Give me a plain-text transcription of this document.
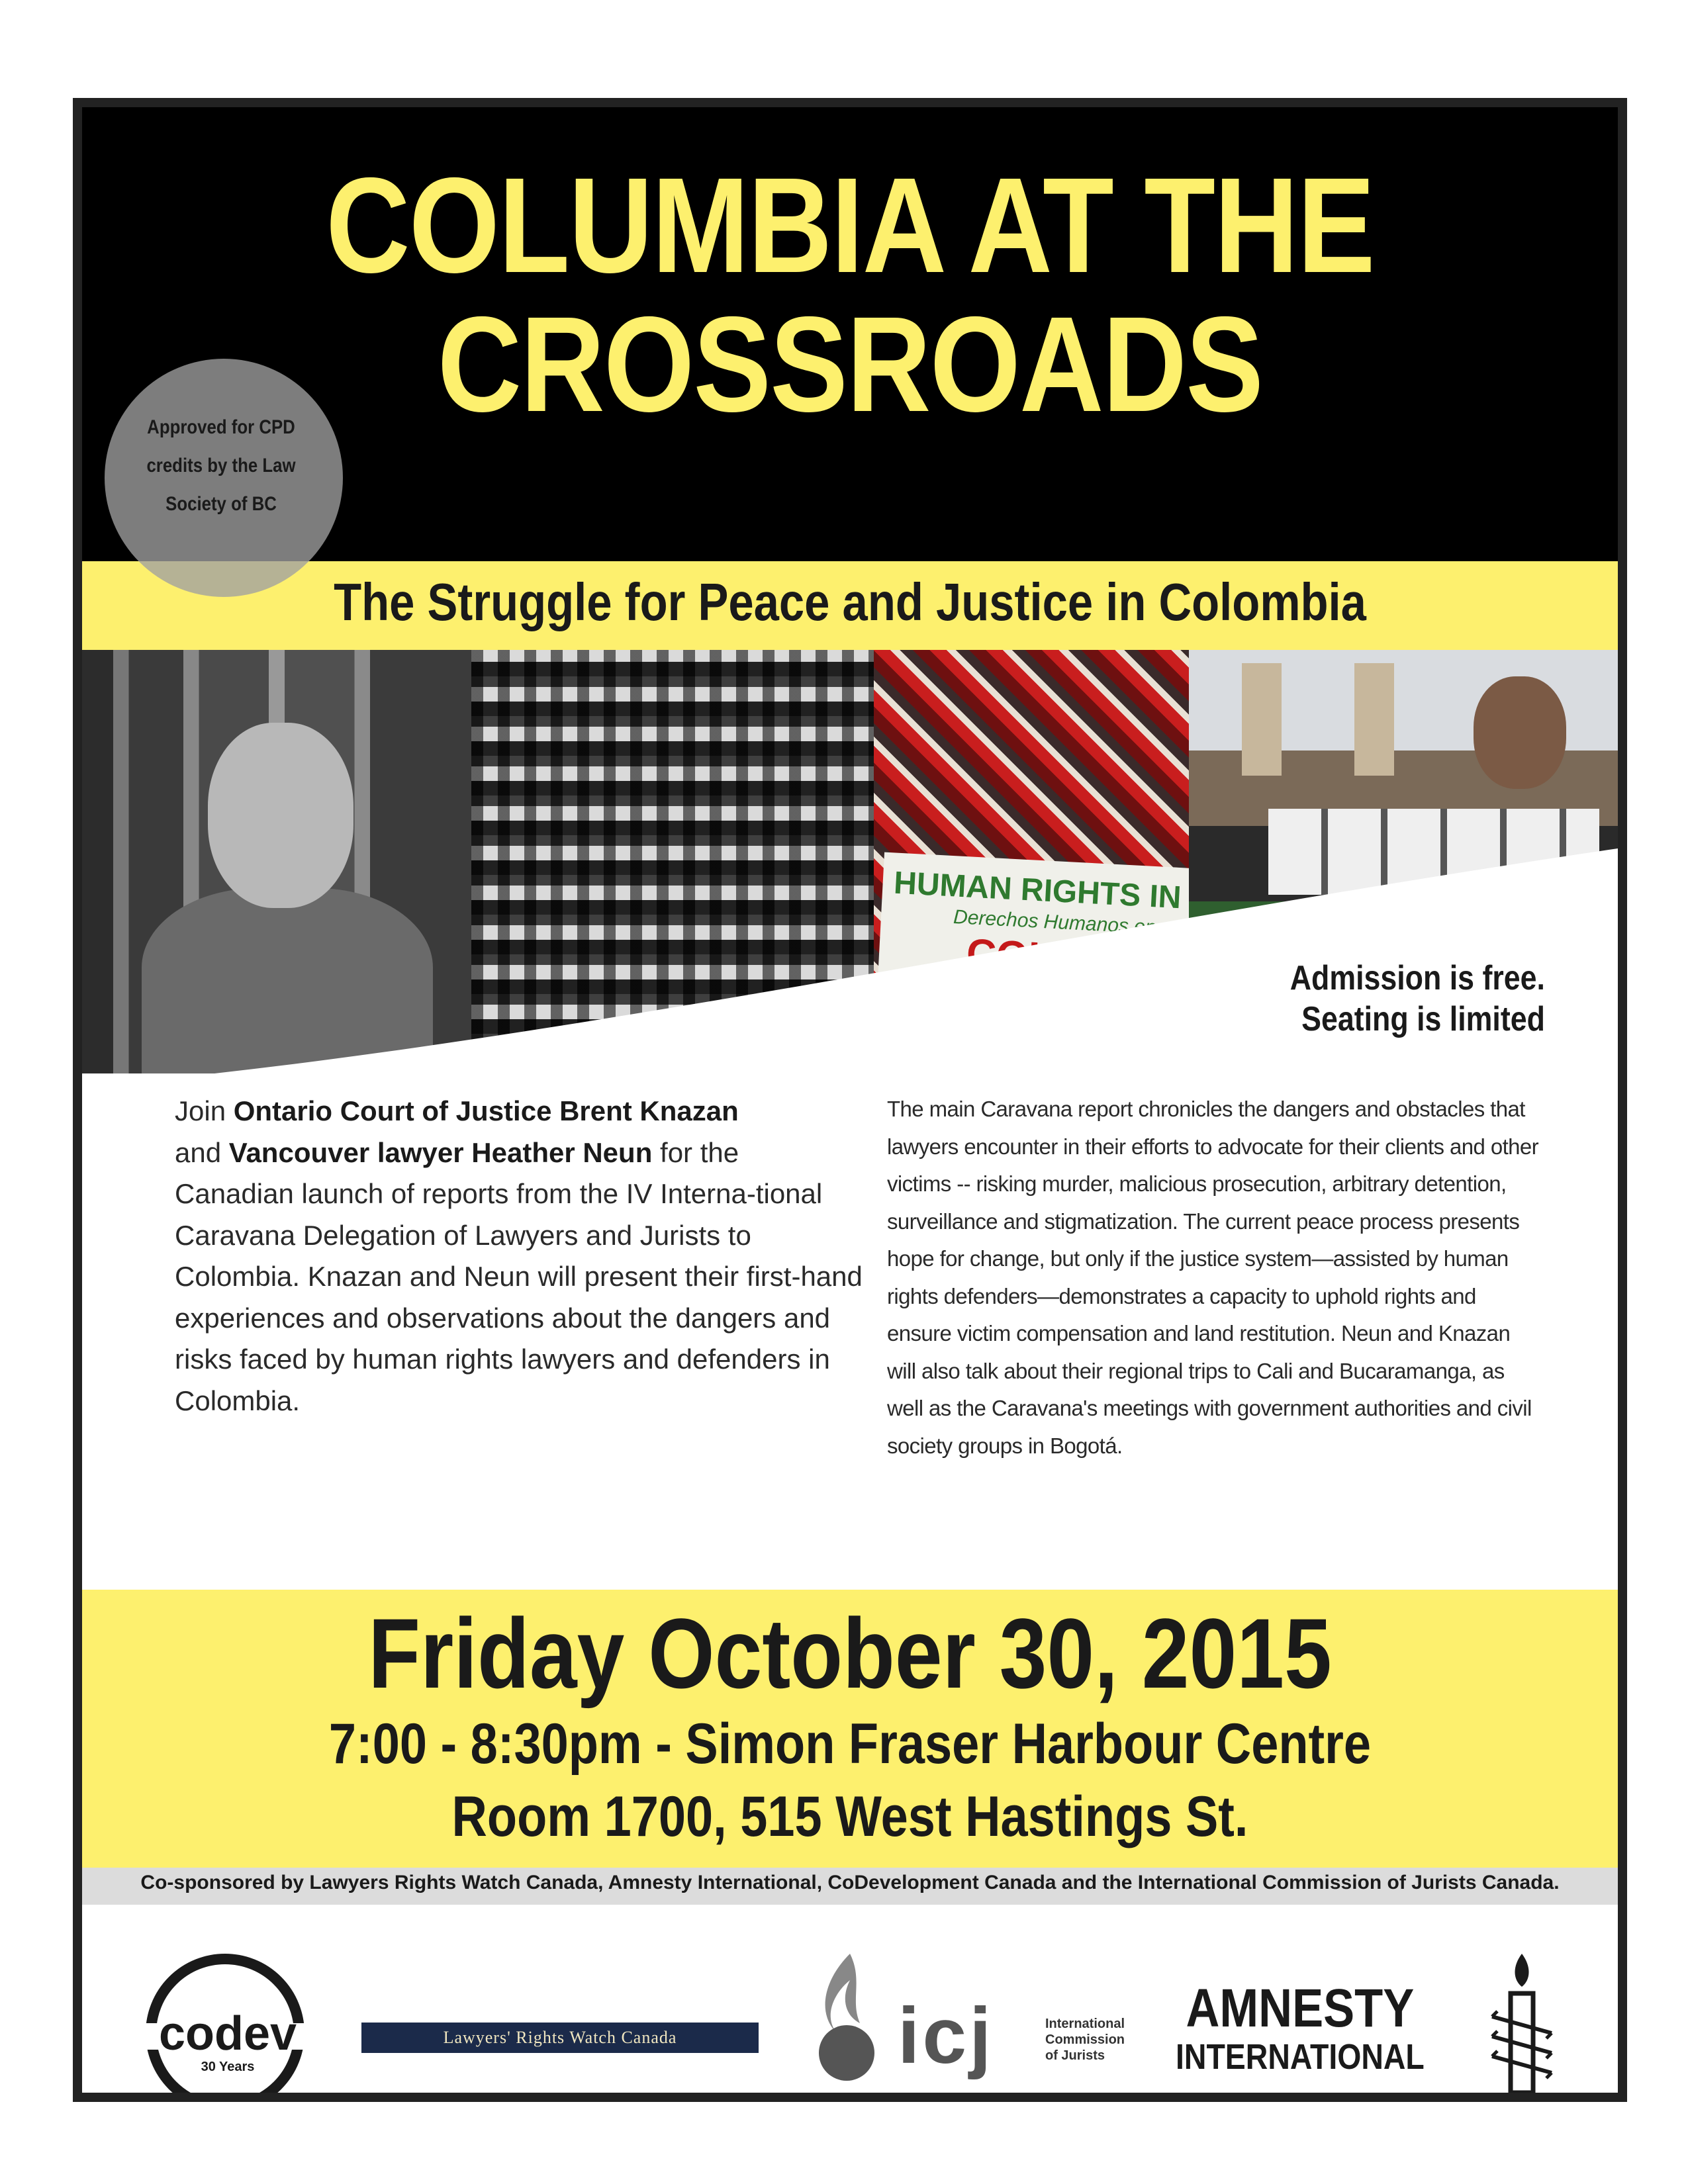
COLUMBIA AT THE
CROSSROADS
The Struggle for Peace and Justice in Colombia
Approved for CPD
credits by the Law
Society of BC
HUMAN RIGHTS IN
Derechos Humanos en
Admission is free.
Seating is limited
Join Ontario Court of Justice Brent Knazan
and Vancouver lawyer Heather Neun for the Canadian launch of reports from the IV Interna-tional Caravana Delegation of Lawyers and Jurists to Colombia. Knazan and Neun will present their first-hand experiences and observations about the dangers and risks faced by human rights lawyers and defenders in Colombia.
The main Caravana report chronicles the dangers and obstacles that lawyers encounter in their efforts to advocate for their clients and other victims -- risking murder, malicious prosecution, arbitrary detention, surveillance and stigmatization. The current peace process presents hope for change, but only if the justice system—assisted by human rights defenders—demonstrates a capacity to uphold rights and ensure victim compensation and land restitution. Neun and Knazan will also talk about their regional trips to Cali and Bucaramanga, as well as the Caravana's meetings with government authorities and civil society groups in Bogotá.
Friday October 30, 2015
7:00 - 8:30pm - Simon Fraser Harbour Centre
Room 1700, 515 West Hastings St.
Co-sponsored by Lawyers Rights Watch Canada, Amnesty International, CoDevelopment Canada and the International Commission of Jurists Canada.
codev
30 Years
Lawyers' Rights Watch Canada	icj	International
Commission
of Jurists
AMNESTY
INTERNATIONAL
